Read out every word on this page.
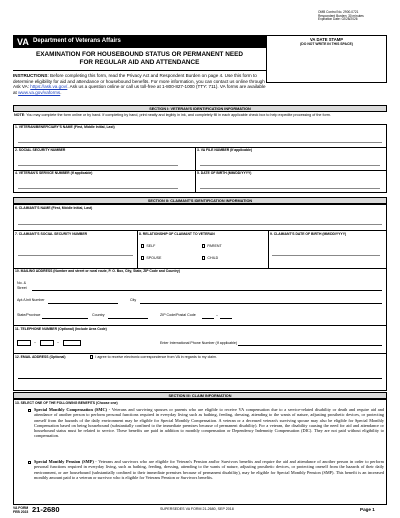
OMB Control No. 2900-0721
Respondent Burden: 30 minutes
Expiration Date: 02/28/2026
VA Department of Veterans Affairs	VA DATE STAMP
(DO NOT WRITE IN THIS SPACE)
EXAMINATION FOR HOUSEBOUND STATUS OR PERMANENT NEED
FOR REGULAR AID AND ATTENDANCE
INSTRUCTIONS: Before completing this form, read the Privacy Act and Respondent Burden on page 4. Use this form to determine eligibility for aid and attendance or housebound benefits. For more information, you can contact us online through Ask VA: https://ask.va.gov/. Ask us a question online or call us toll-free at 1-800-827-1000 (TTY: 711). VA forms are available at www.va.gov/vaforms.
SECTION I: VETERAN'S IDENTIFICATION INFORMATION
NOTE: You may complete the form online or by hand. If completing by hand, print neatly and legibly in ink, and completely fill in each applicable check box to help expedite processing of the form.
1. VETERAN/BENEFICIARY'S NAME (First, Middle Initial, Last)
2. SOCIAL SECURITY NUMBER	3. VA FILE NUMBER (If applicable)
4. VETERAN'S SERVICE NUMBER (If applicable)	5. DATE OF BIRTH (MM/DD/YYYY)
SECTION II: CLAIMANT'S IDENTIFICATION INFORMATION
6. CLAIMANT'S NAME (First, Middle Initial, Last)
7. CLAIMANT'S SOCIAL SECURITY NUMBER	8. RELATIONSHIP OF CLAIMANT TO VETERAN
SELF	PARENT
SPOUSE	CHILD
9. CLAIMANT'S DATE OF BIRTH (MM/DD/YYYY)
10. MAILING ADDRESS (Number and street or rural route, P. O. Box, City, State, ZIP Code and Country)
No. &
Street
Apt./Unit Number	City
State/Province	Country	ZIP Code/Postal Code	–
11. TELEPHONE NUMBER (Optional) (Include Area Code)
–	–	Enter International Phone Number (If applicable)
12. EMAIL ADDRESS (Optional)	I agree to receive electronic correspondence from VA in regards to my claim.
SECTION III: CLAIM INFORMATION
13. SELECT ONE OF THE FOLLOWING BENEFITS (Choose one)
Special Monthly Compensation (SMC) - Veterans and surviving spouses or parents who are eligible to receive VA compensation due to a service-related disability or death and require aid and attendance of another person to perform personal functions required in everyday living such as bathing, feeding, dressing, attending to the wants of nature, adjusting prosthetic devices, or protecting oneself from the hazards of the daily environment may be eligible for Special Monthly Compensation. A veteran or a deceased veteran's surviving spouse may also be eligible for Special Monthly Compensation based on being housebound (substantially confined to the immediate premises because of permanent disability). For a veteran, the disability causing the need for aid and attendance or housebound status must be related to service. These benefits are paid in addition to monthly compensation or Dependency Indemnity Compensation (DIC). They are not paid without eligibility to compensation.
Special Monthly Pension (SMP) - Veterans and survivors who are eligible for Veteran's Pension and/or Survivors benefits and require the aid and attendance of another person in order to perform personal functions required in everyday living, such as bathing, feeding, dressing, attending to the wants of nature, adjusting prosthetic devices, or protecting oneself from the hazards of their daily environment, or are housebound (substantially confined to their immediate premises because of permanent disability), may be eligible for Special Monthly Pension (SMP). This benefit is an increased monthly amount paid to a veteran or survivor who is eligible for Veterans Pension or Survivors benefits.
VA FORM
FEB 2023 21-2680	SUPERSEDES VA FORM 21-2680, SEP 2018	Page 1
